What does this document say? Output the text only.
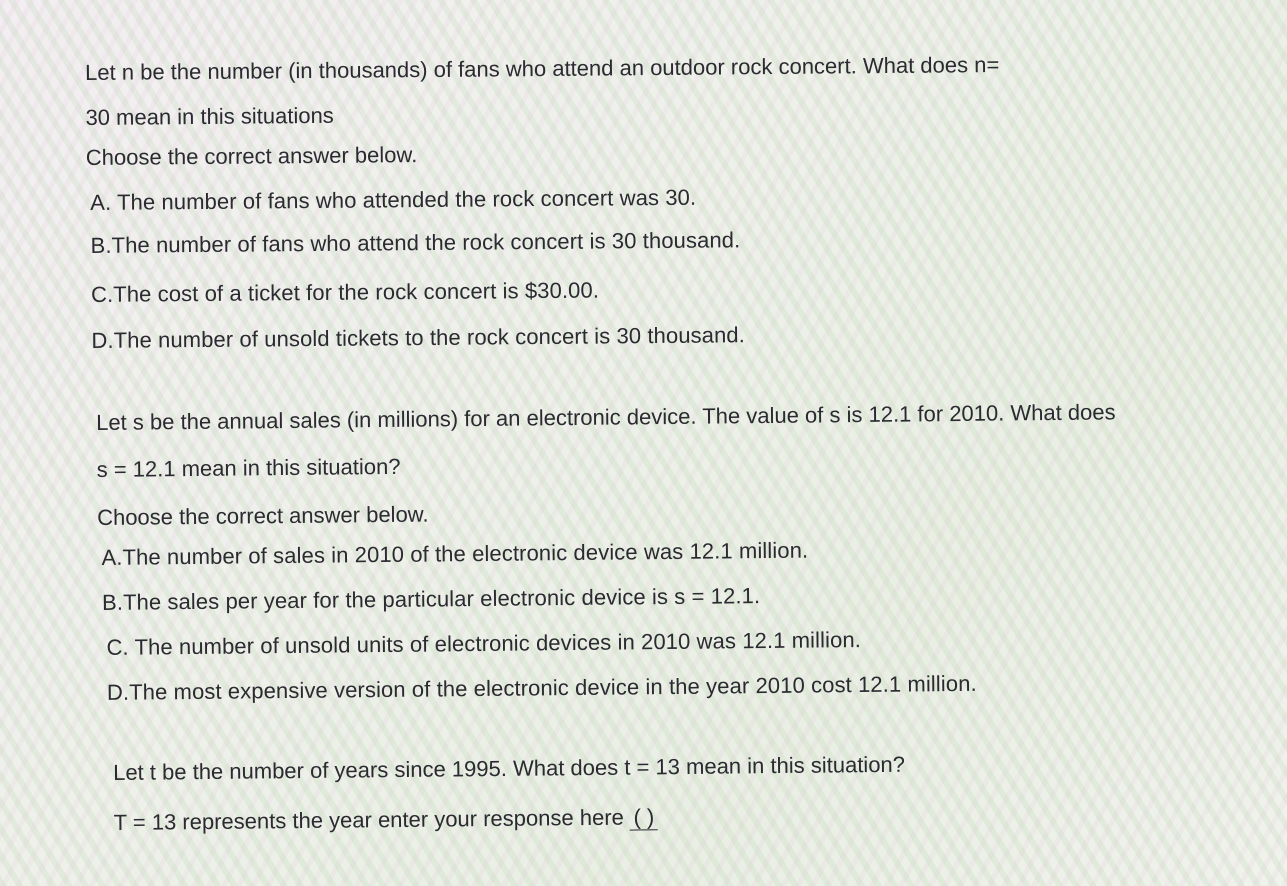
Let n be the number (in thousands) of fans who attend an outdoor rock concert. What does n=
30 mean in this situations
Choose the correct answer below.
A. The number of fans who attended the rock concert was 30.
B.The number of fans who attend the rock concert is 30 thousand.
C.The cost of a ticket for the rock concert is $30.00.
D.The number of unsold tickets to the rock concert is 30 thousand.
Let s be the annual sales (in millions) for an electronic device. The value of s is 12.1 for 2010. What does
s = 12.1 mean in this situation?
Choose the correct answer below.
A.The number of sales in 2010 of the electronic device was 12.1 million.
B.The sales per year for the particular electronic device is s = 12.1.
C. The number of unsold units of electronic devices in 2010 was 12.1 million.
D.The most expensive version of the electronic device in the year 2010 cost 12.1 million.
Let t be the number of years since 1995. What does t = 13 mean in this situation?
T = 13 represents the year enter your response here ( )
